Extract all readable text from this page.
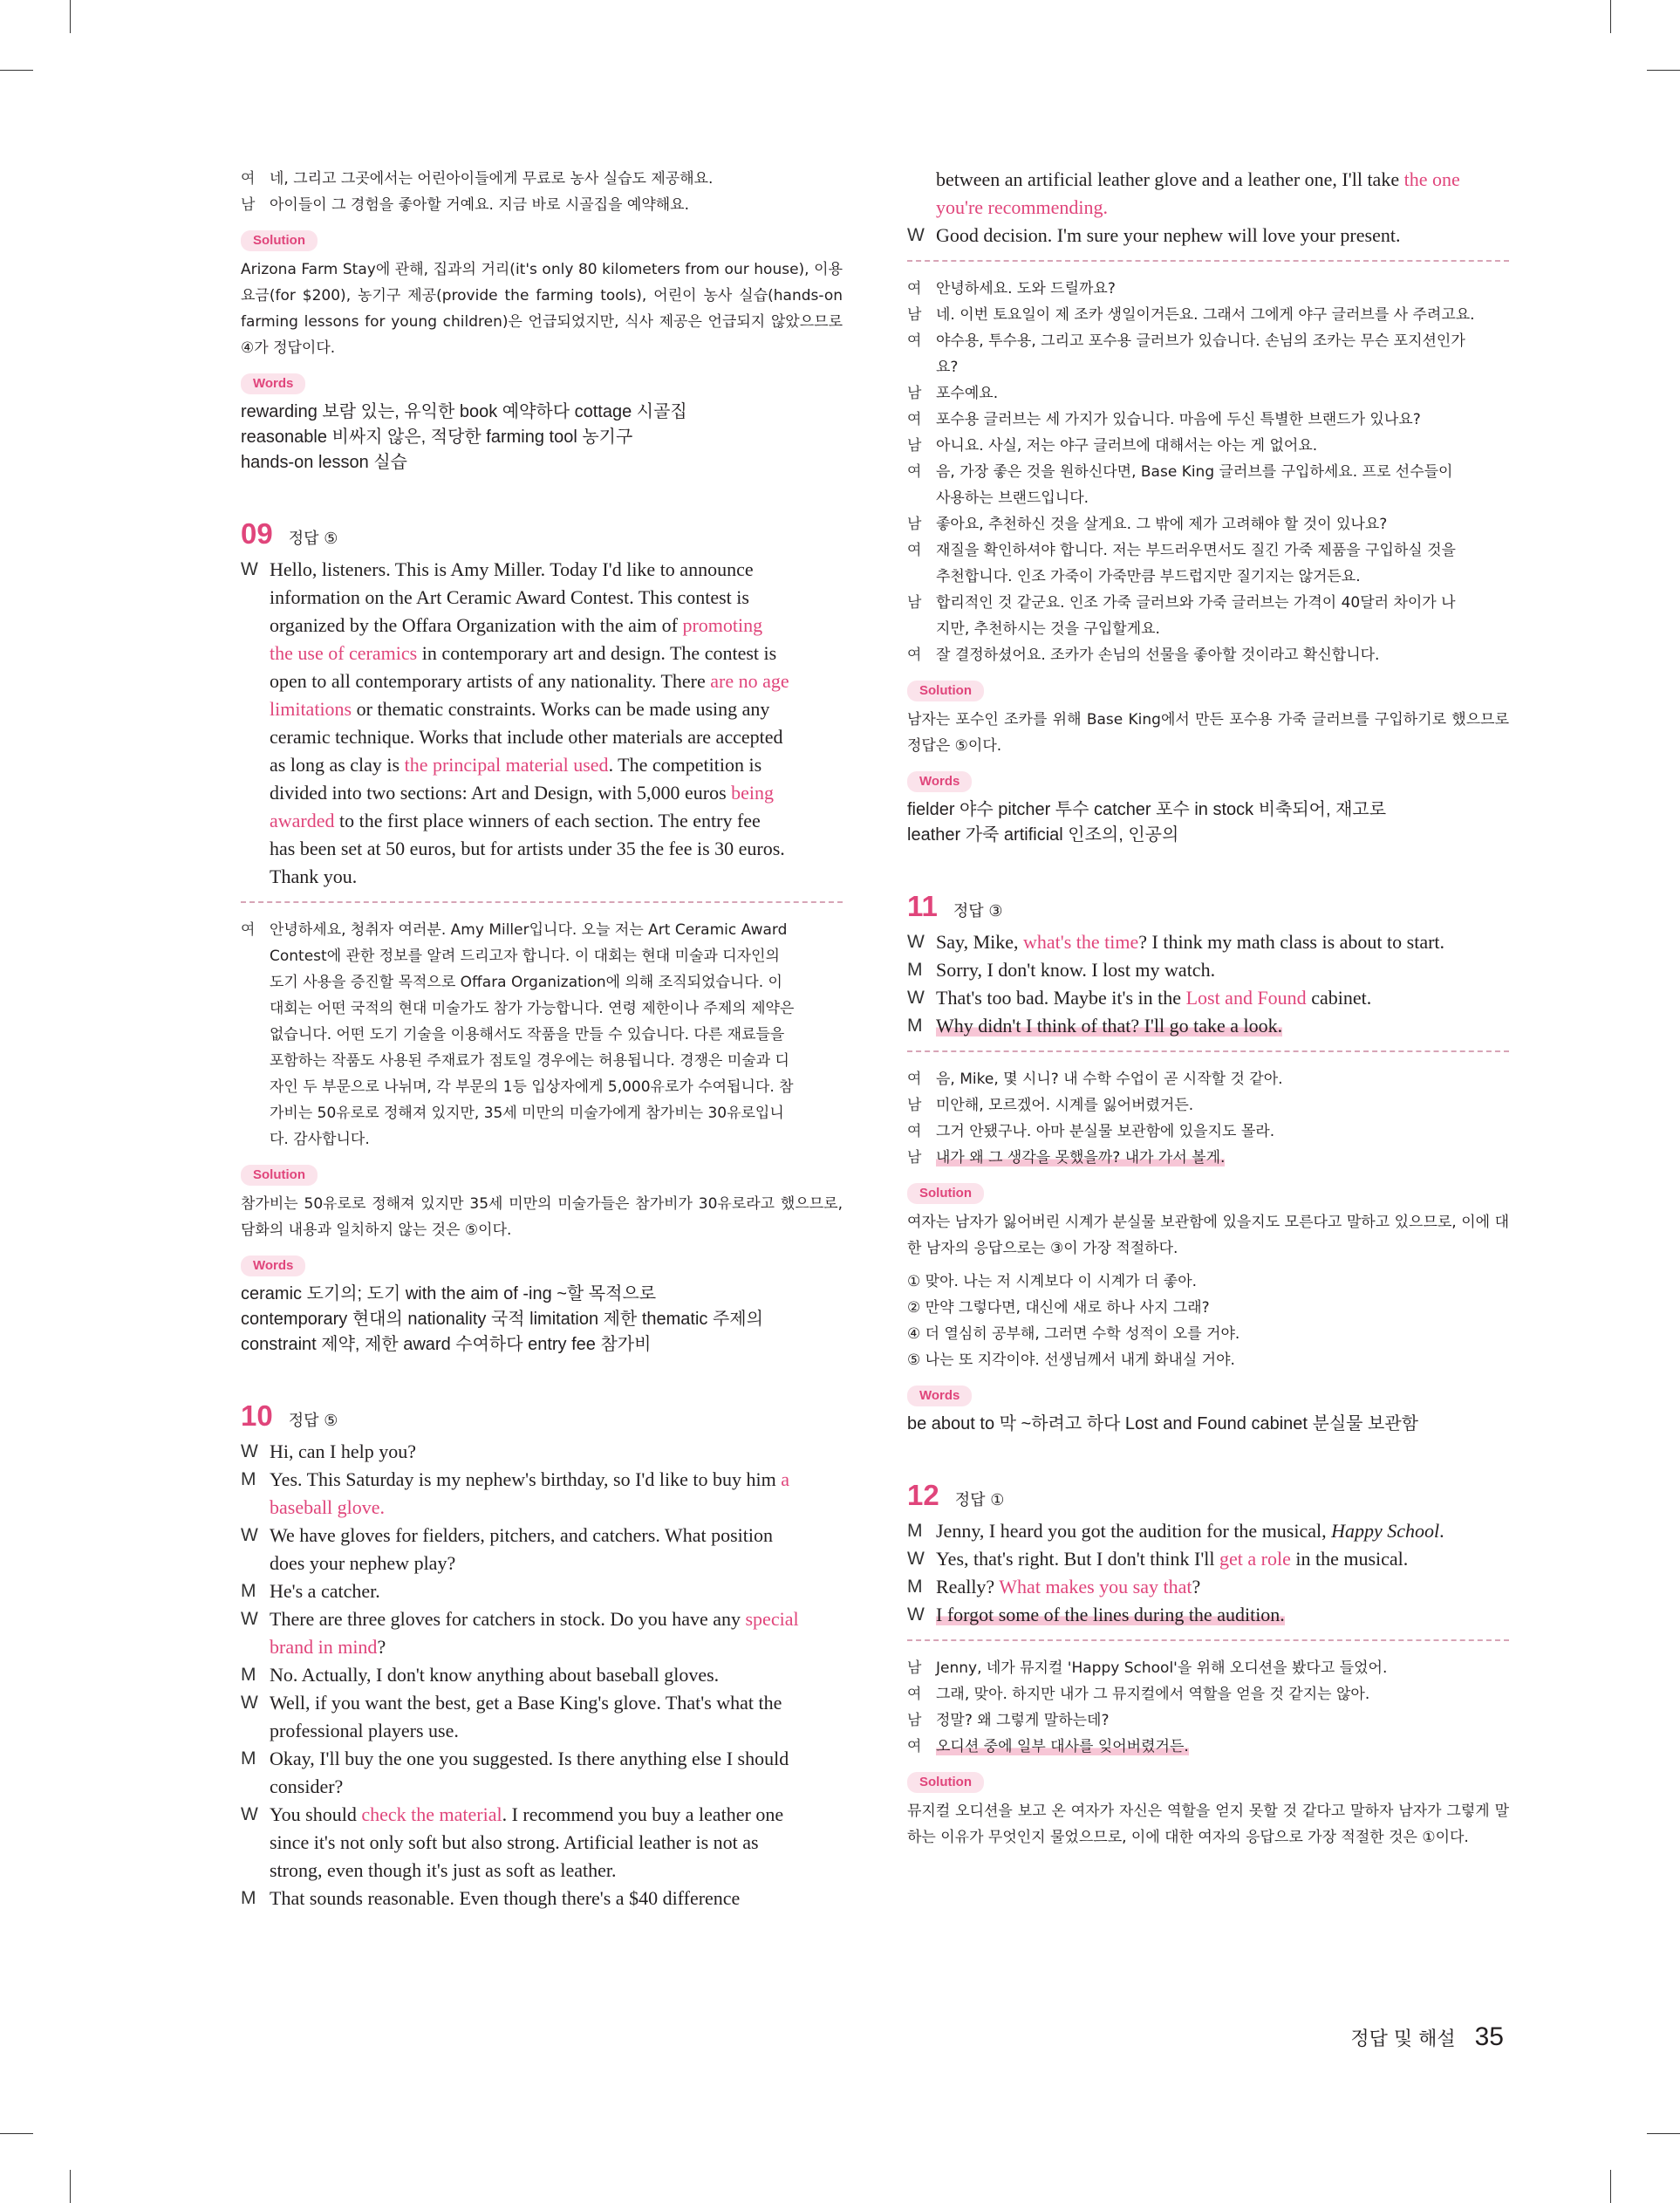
여 네, 그리고 그곳에서는 어린아이들에게 무료로 농사 실습도 제공해요.
남 아이들이 그 경험을 좋아할 거예요. 지금 바로 시골집을 예약해요.
Solution
Arizona Farm Stay에 관해, 집과의 거리(it's only 80 kilometers from our house), 이용 요금(for $200), 농기구 제공(provide the farming tools), 어린이 농사 실습(hands-on farming lessons for young children)은 언급되었지만, 식사 제공은 언급되지 않았으므로 ④가 정답이다.
Words
rewarding 보람 있는, 유익한 book 예약하다 cottage 시골집
reasonable 비싸지 않은, 적당한 farming tool 농기구
hands-on lesson 실습
09 정답 ⑤
W Hello, listeners. This is Amy Miller. Today I'd like to announce
information on the Art Ceramic Award Contest. This contest is
organized by the Offara Organization with the aim of promoting
the use of ceramics in contemporary art and design. The contest is
open to all contemporary artists of any nationality. There are no age
limitations or thematic constraints. Works can be made using any
ceramic technique. Works that include other materials are accepted
as long as clay is the principal material used. The competition is
divided into two sections: Art and Design, with 5,000 euros being
awarded to the first place winners of each section. The entry fee
has been set at 50 euros, but for artists under 35 the fee is 30 euros.
Thank you.
여 안녕하세요, 청취자 여러분. Amy Miller입니다. 오늘 저는 Art Ceramic Award
Contest에 관한 정보를 알려 드리고자 합니다. 이 대회는 현대 미술과 디자인의
도기 사용을 증진할 목적으로 Offara Organization에 의해 조직되었습니다. 이
대회는 어떤 국적의 현대 미술가도 참가 가능합니다. 연령 제한이나 주제의 제약은
없습니다. 어떤 도기 기술을 이용해서도 작품을 만들 수 있습니다. 다른 재료들을
포함하는 작품도 사용된 주재료가 점토일 경우에는 허용됩니다. 경쟁은 미술과 디
자인 두 부문으로 나뉘며, 각 부문의 1등 입상자에게 5,000유로가 수여됩니다. 참
가비는 50유로로 정해져 있지만, 35세 미만의 미술가에게 참가비는 30유로입니
다. 감사합니다.
Solution
참가비는 50유로로 정해져 있지만 35세 미만의 미술가들은 참가비가 30유로라고 했으므로, 담화의 내용과 일치하지 않는 것은 ⑤이다.
Words
ceramic 도기의; 도기 with the aim of -ing ~할 목적으로
contemporary 현대의 nationality 국적 limitation 제한 thematic 주제의
constraint 제약, 제한 award 수여하다 entry fee 참가비
10 정답 ⑤
W Hi, can I help you?
M Yes. This Saturday is my nephew's birthday, so I'd like to buy him a
baseball glove.
W We have gloves for fielders, pitchers, and catchers. What position
does your nephew play?
M He's a catcher.
W There are three gloves for catchers in stock. Do you have any special
brand in mind?
M No. Actually, I don't know anything about baseball gloves.
W Well, if you want the best, get a Base King's glove. That's what the
professional players use.
M Okay, I'll buy the one you suggested. Is there anything else I should
consider?
W You should check the material. I recommend you buy a leather one
since it's not only soft but also strong. Artificial leather is not as
strong, even though it's just as soft as leather.
M That sounds reasonable. Even though there's a $40 difference
between an artificial leather glove and a leather one, I'll take the one
you're recommending.
W Good decision. I'm sure your nephew will love your present.
여 안녕하세요. 도와 드릴까요?
남 네. 이번 토요일이 제 조카 생일이거든요. 그래서 그에게 야구 글러브를 사 주려고요.
여 야수용, 투수용, 그리고 포수용 글러브가 있습니다. 손님의 조카는 무슨 포지션인가
요?
남 포수예요.
여 포수용 글러브는 세 가지가 있습니다. 마음에 두신 특별한 브랜드가 있나요?
남 아니요. 사실, 저는 야구 글러브에 대해서는 아는 게 없어요.
여 음, 가장 좋은 것을 원하신다면, Base King 글러브를 구입하세요. 프로 선수들이
사용하는 브랜드입니다.
남 좋아요, 추천하신 것을 살게요. 그 밖에 제가 고려해야 할 것이 있나요?
여 재질을 확인하셔야 합니다. 저는 부드러우면서도 질긴 가죽 제품을 구입하실 것을
추천합니다. 인조 가죽이 가죽만큼 부드럽지만 질기지는 않거든요.
남 합리적인 것 같군요. 인조 가죽 글러브와 가죽 글러브는 가격이 40달러 차이가 나
지만, 추천하시는 것을 구입할게요.
여 잘 결정하셨어요. 조카가 손님의 선물을 좋아할 것이라고 확신합니다.
Solution
남자는 포수인 조카를 위해 Base King에서 만든 포수용 가죽 글러브를 구입하기로 했으므로 정답은 ⑤이다.
Words
fielder 야수 pitcher 투수 catcher 포수 in stock 비축되어, 재고로
leather 가죽 artificial 인조의, 인공의
11 정답 ③
W Say, Mike, what's the time? I think my math class is about to start.
M Sorry, I don't know. I lost my watch.
W That's too bad. Maybe it's in the Lost and Found cabinet.
M Why didn't I think of that? I'll go take a look.
여 음, Mike, 몇 시니? 내 수학 수업이 곧 시작할 것 같아.
남 미안해, 모르겠어. 시계를 잃어버렸거든.
여 그거 안됐구나. 아마 분실물 보관함에 있을지도 몰라.
남 내가 왜 그 생각을 못했을까? 내가 가서 볼게.
Solution
여자는 남자가 잃어버린 시계가 분실물 보관함에 있을지도 모른다고 말하고 있으므로, 이에 대한 남자의 응답으로는 ③이 가장 적절하다.
① 맞아. 나는 저 시계보다 이 시계가 더 좋아.
② 만약 그렇다면, 대신에 새로 하나 사지 그래?
④ 더 열심히 공부해, 그러면 수학 성적이 오를 거야.
⑤ 나는 또 지각이야. 선생님께서 내게 화내실 거야.
Words
be about to 막 ~하려고 하다 Lost and Found cabinet 분실물 보관함
12 정답 ①
M Jenny, I heard you got the audition for the musical, Happy School.
W Yes, that's right. But I don't think I'll get a role in the musical.
M Really? What makes you say that?
W I forgot some of the lines during the audition.
남 Jenny, 네가 뮤지컬 'Happy School'을 위해 오디션을 봤다고 들었어.
여 그래, 맞아. 하지만 내가 그 뮤지컬에서 역할을 얻을 것 같지는 않아.
남 정말? 왜 그렇게 말하는데?
여 오디션 중에 일부 대사를 잊어버렸거든.
Solution
뮤지컬 오디션을 보고 온 여자가 자신은 역할을 얻지 못할 것 같다고 말하자 남자가 그렇게 말하는 이유가 무엇인지 물었으므로, 이에 대한 여자의 응답으로 가장 적절한 것은 ①이다.
정답 및 해설 35
